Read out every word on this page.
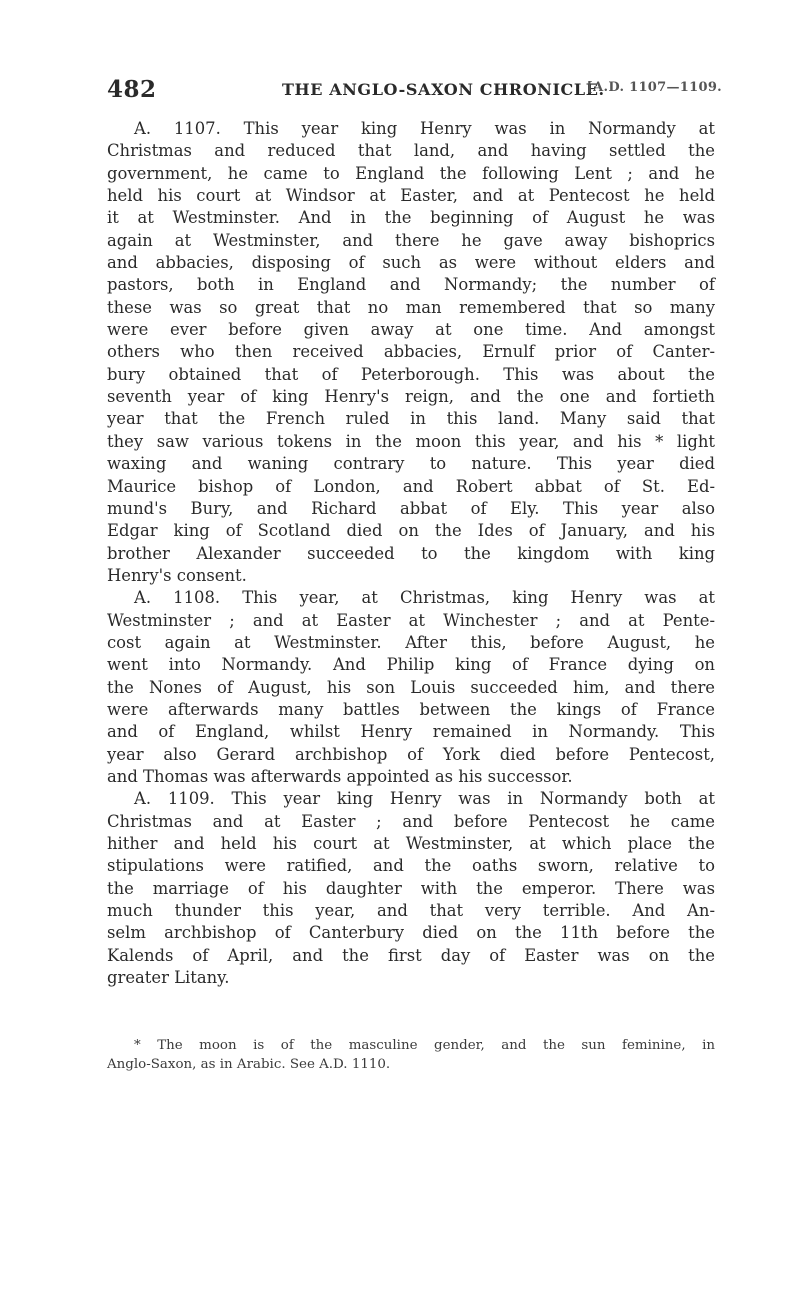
482	THE ANGLO-SAXON CHRONICLE.
[A.D. 1107—1109.
A. 1107. This year king Henry was in Normandy at
Christmas and reduced that land, and having settled the
government, he came to England the following Lent ; and he
held his court at Windsor at Easter, and at Pentecost he held
it at Westminster. And in the beginning of August he was
again at Westminster, and there he gave away bishoprics
and abbacies, disposing of such as were without elders and
pastors, both in England and Normandy; the number of
these was so great that no man remembered that so many
were ever before given away at one time. And amongst
others who then received abbacies, Ernulf prior of Canter-
bury obtained that of Peterborough. This was about the
seventh year of king Henry's reign, and the one and fortieth
year that the French ruled in this land. Many said that
they saw various tokens in the moon this year, and his * light
waxing and waning contrary to nature. This year died
Maurice bishop of London, and Robert abbat of St. Ed-
mund's Bury, and Richard abbat of Ely. This year also
Edgar king of Scotland died on the Ides of January, and his
brother Alexander succeeded to the kingdom with king
Henry's consent.
A. 1108. This year, at Christmas, king Henry was at
Westminster ; and at Easter at Winchester ; and at Pente-
cost again at Westminster. After this, before August, he
went into Normandy. And Philip king of France dying on
the Nones of August, his son Louis succeeded him, and there
were afterwards many battles between the kings of France
and of England, whilst Henry remained in Normandy. This
year also Gerard archbishop of York died before Pentecost,
and Thomas was afterwards appointed as his successor.
A. 1109. This year king Henry was in Normandy both at
Christmas and at Easter ; and before Pentecost he came
hither and held his court at Westminster, at which place the
stipulations were ratified, and the oaths sworn, relative to
the marriage of his daughter with the emperor. There was
much thunder this year, and that very terrible. And An-
selm archbishop of Canterbury died on the 11th before the
Kalends of April, and the first day of Easter was on the
greater Litany.
* The moon is of the masculine gender, and the sun feminine, in
Anglo-Saxon, as in Arabic. See A.D. 1110.
